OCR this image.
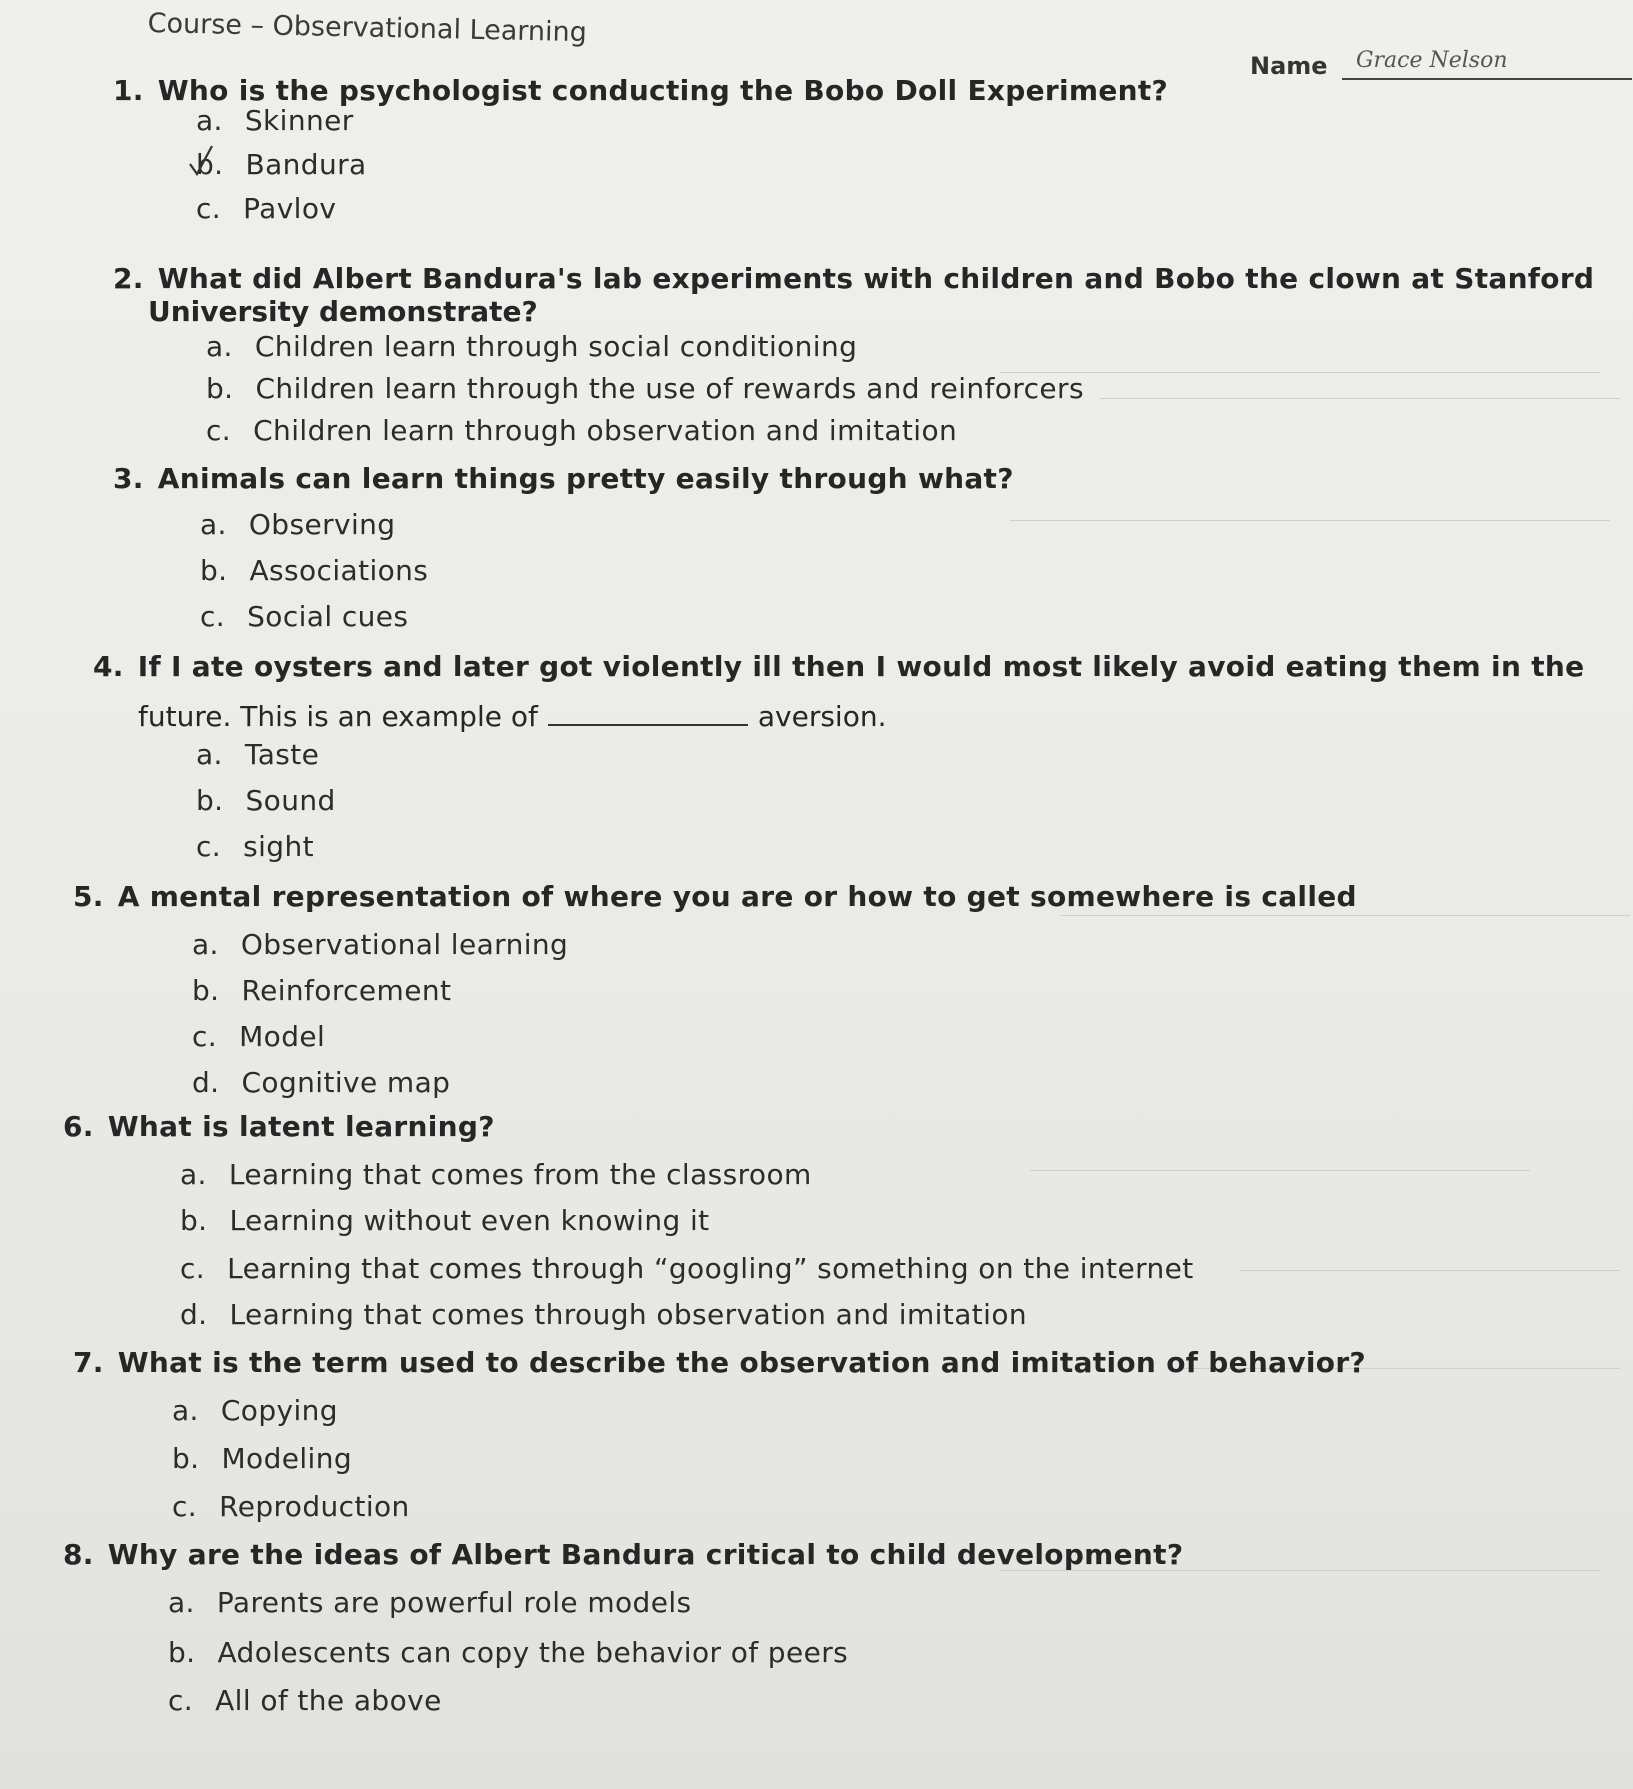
Course – Observational Learning
Name Grace Nelson
1. Who is the psychologist conducting the Bobo Doll Experiment?
a. Skinner
b. Bandura
c. Pavlov
2. What did Albert Bandura's lab experiments with children and Bobo the clown at Stanford
University demonstrate?
a. Children learn through social conditioning
b. Children learn through the use of rewards and reinforcers
c. Children learn through observation and imitation
3. Animals can learn things pretty easily through what?
a. Observing
b. Associations
c. Social cues
4. If I ate oysters and later got violently ill then I would most likely avoid eating them in the
future. This is an example of	aversion.
a. Taste
b. Sound
c. sight
5. A mental representation of where you are or how to get somewhere is called
a. Observational learning
b. Reinforcement
c. Model
d. Cognitive map
6. What is latent learning?
a. Learning that comes from the classroom
b. Learning without even knowing it
c. Learning that comes through “googling” something on the internet
d. Learning that comes through observation and imitation
7. What is the term used to describe the observation and imitation of behavior?
a. Copying
b. Modeling
c. Reproduction
8. Why are the ideas of Albert Bandura critical to child development?
a. Parents are powerful role models
b. Adolescents can copy the behavior of peers
c. All of the above
